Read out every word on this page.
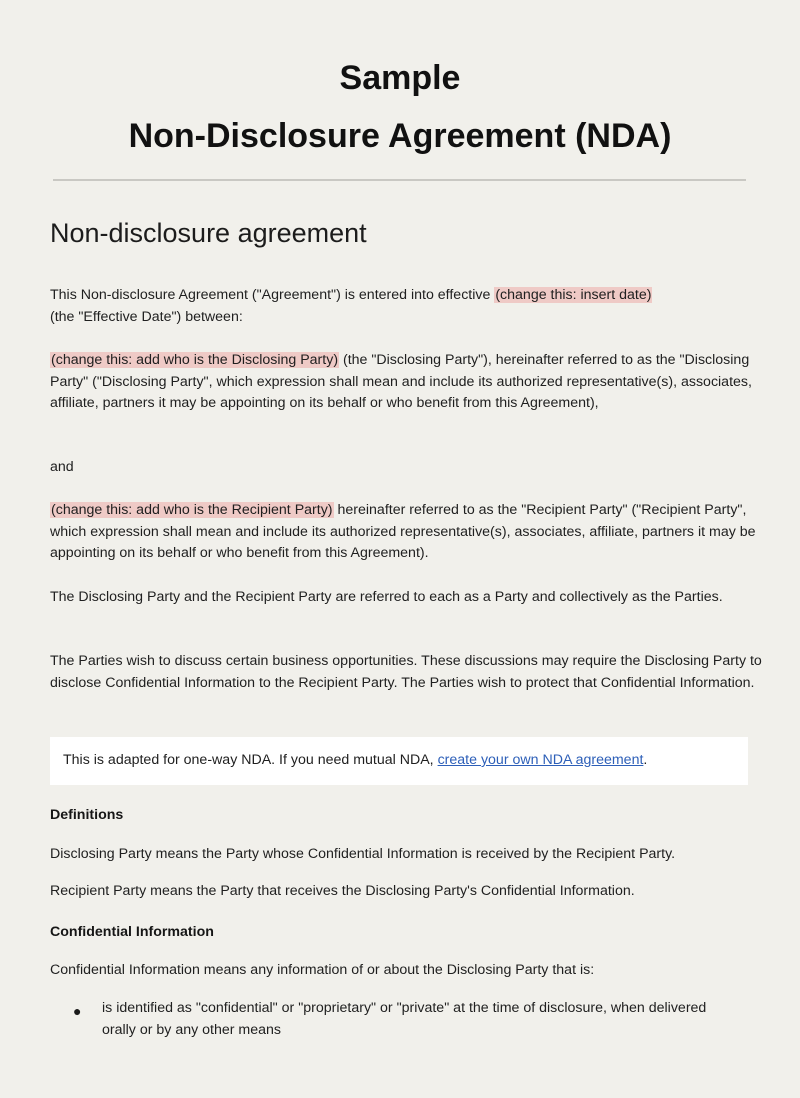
Sample
Non-Disclosure Agreement (NDA)
Non-disclosure agreement

This Non-disclosure Agreement ("Agreement") is entered into effective (change this: insert date)
(the "Effective Date") between:

(change this: add who is the Disclosing Party) (the "Disclosing Party"), hereinafter referred to as the "Disclosing Party" ("Disclosing Party", which expression shall mean and include its authorized representative(s), associates, affiliate, partners it may be appointing on its behalf or who benefit from this Agreement),

and

(change this: add who is the Recipient Party) hereinafter referred to as the "Recipient Party" ("Recipient Party", which expression shall mean and include its authorized representative(s), associates, affiliate, partners it may be appointing on its behalf or who benefit from this Agreement).

The Disclosing Party and the Recipient Party are referred to each as a Party and collectively as the Parties.

The Parties wish to discuss certain business opportunities. These discussions may require the Disclosing Party to disclose Confidential Information to the Recipient Party. The Parties wish to protect that Confidential Information.

This is adapted for one-way NDA. If you need mutual NDA, create your own NDA agreement.

Definitions

Disclosing Party means the Party whose Confidential Information is received by the Recipient Party.

Recipient Party means the Party that receives the Disclosing Party's Confidential Information.

Confidential Information

Confidential Information means any information of or about the Disclosing Party that is:

● is identified as "confidential" or "proprietary" or "private" at the time of disclosure, when delivered orally or by any other means
